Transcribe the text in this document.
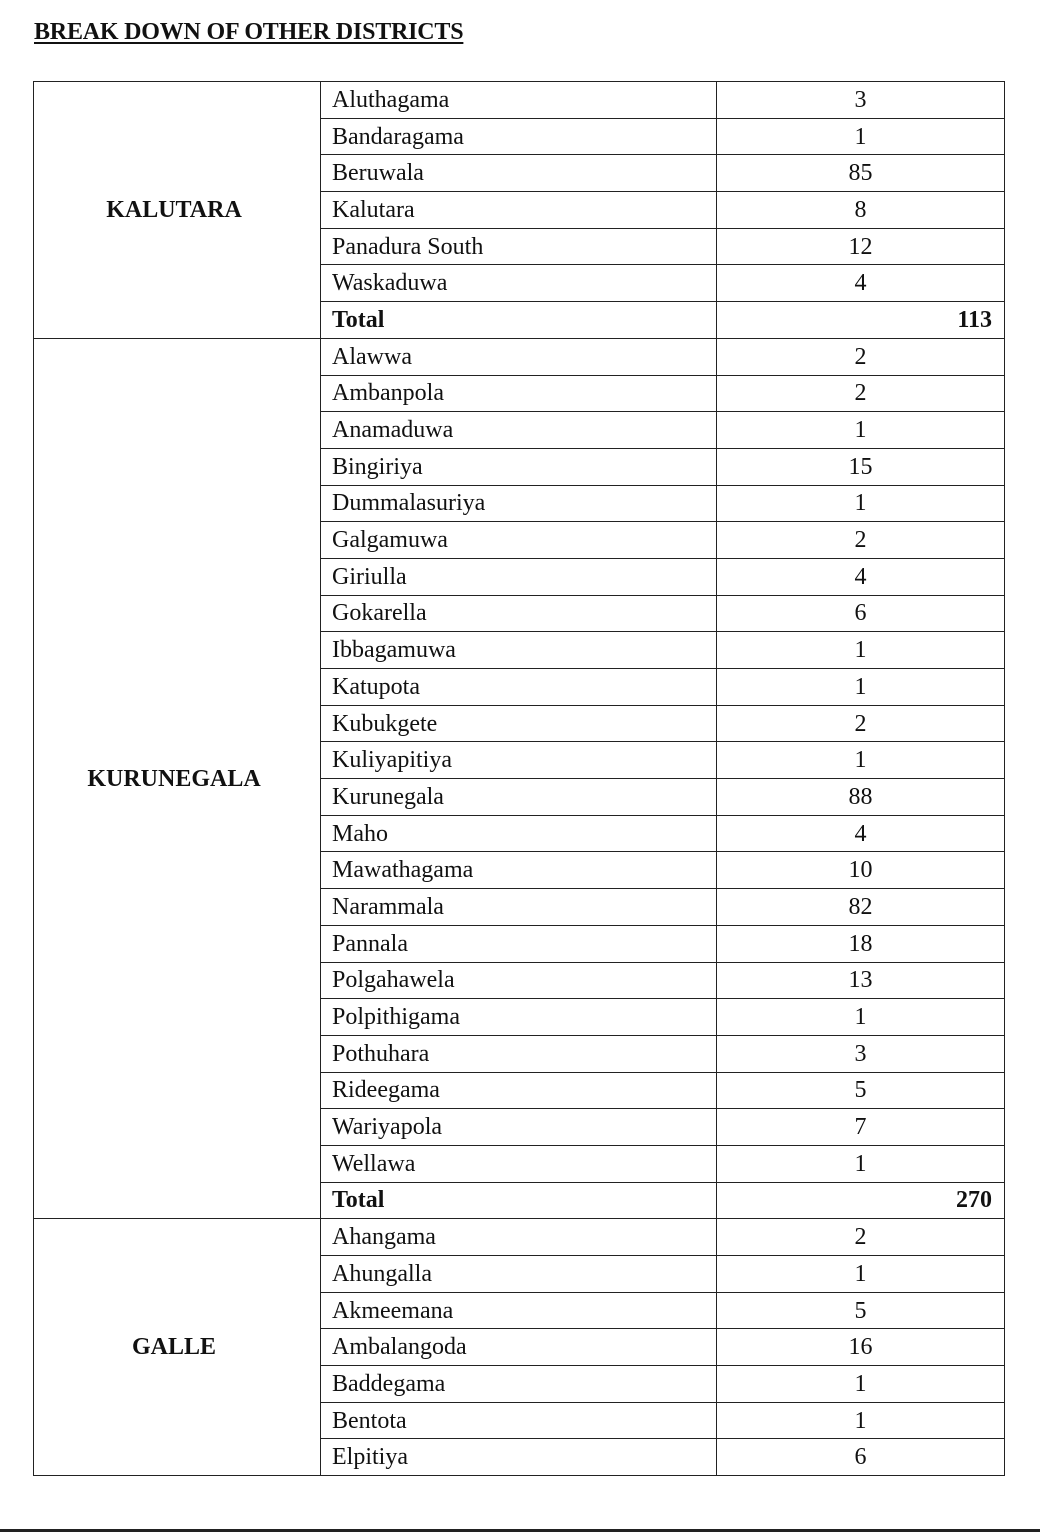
BREAK DOWN OF OTHER DISTRICTS
KALUTARA	Aluthagama	3
	Bandaragama	1
	Beruwala	85
	Kalutara	8
	Panadura South	12
	Waskaduwa	4
	Total	113
KURUNEGALA	Alawwa	2
	Ambanpola	2
	Anamaduwa	1
	Bingiriya	15
	Dummalasuriya	1
	Galgamuwa	2
	Giriulla	4
	Gokarella	6
	Ibbagamuwa	1
	Katupota	1
	Kubukgete	2
	Kuliyapitiya	1
	Kurunegala	88
	Maho	4
	Mawathagama	10
	Narammala	82
	Pannala	18
	Polgahawela	13
	Polpithigama	1
	Pothuhara	3
	Rideegama	5
	Wariyapola	7
	Wellawa	1
	Total	270
GALLE	Ahangama	2
	Ahungalla	1
	Akmeemana	5
	Ambalangoda	16
	Baddegama	1
	Bentota	1
	Elpitiya	6
